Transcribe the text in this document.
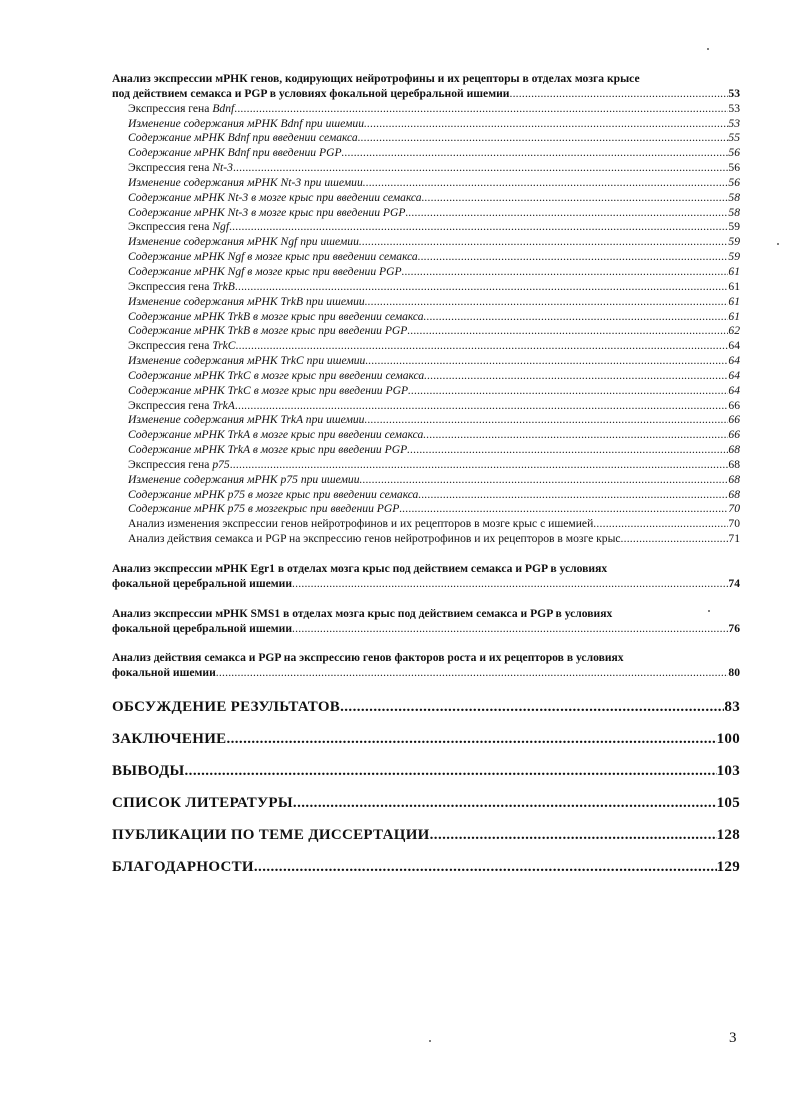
Анализ экспрессии мРНК генов, кодирующих нейротрофины и их рецепторы в отделах мозга крысе
под действием семакса и PGP в условиях фокальной церебральной ишемии .....	53
Экспрессия гена Bdnf .....	53
Изменение содержания мРНК Bdnf при ишемии .....	53
Содержание мРНК Bdnf при введении семакса .....	55
Содержание мРНК Bdnf при введении PGP .....	56
Экспрессия гена Nt-3 .....	56
Изменение содержания мРНК Nt-3 при ишемии .....	56
Содержание мРНК Nt-3 в мозге крыс при введении семакса .....	58
Содержание мРНК Nt-3 в мозге крыс при введении PGP .....	58
Экспрессия гена Ngf .....	59
Изменение содержания мРНК Ngf при ишемии .....	59
Содержание мРНК Ngf в мозге крыс при введении семакса .....	59
Содержание мРНК Ngf в мозге крыс при введении PGP .....	61
Экспрессия гена TrkB .....	61
Изменение содержания мРНК TrkB при ишемии .....	61
Содержание мРНК TrkB в мозге крыс при введении семакса .....	61
Содержание мРНК TrkB в мозге крыс при введении PGP .....	62
Экспрессия гена TrkC .....	64
Изменение содержания мРНК TrkC при ишемии .....	64
Содержание мРНК TrkC в мозге крыс при введении семакса .....	64
Содержание мРНК TrkC в мозге крыс при введении PGP .....	64
Экспрессия гена TrkA .....	66
Изменение содержания мРНК TrkA при ишемии .....	66
Содержание мРНК TrkA в мозге крыс при введении семакса .....	66
Содержание мРНК TrkA в мозге крыс при введении PGP .....	68
Экспрессия гена p75 .....	68
Изменение содержания мРНК p75 при ишемии .....	68
Содержание мРНК p75 в мозге крыс при введении семакса .....	68
Содержание мРНК p75 в мозгекрыс при введении PGP .....	70
Анализ изменения экспрессии генов нейротрофинов и их рецепторов в мозге крыс с ишемией .....	70
Анализ действия семакса и PGP на экспрессию генов нейротрофинов и их рецепторов в мозге крыс .....	71
Анализ экспрессии мРНК Egr1 в отделах мозга крыс под действием семакса и PGP в условиях
фокальной церебральной ишемии .....	74
Анализ экспрессии мРНК SMS1 в отделах мозга крыс под действием семакса и PGP в условиях
фокальной церебральной ишемии .....	76
Анализ действия семакса и PGP на экспрессию генов факторов роста и их рецепторов в условиях
фокальной ишемии .....	80
ОБСУЖДЕНИЕ РЕЗУЛЬТАТОВ .....	83
ЗАКЛЮЧЕНИЕ .....	100
ВЫВОДЫ .....	103
СПИСОК ЛИТЕРАТУРЫ .....	105
ПУБЛИКАЦИИ ПО ТЕМЕ ДИССЕРТАЦИИ .....	128
БЛАГОДАРНОСТИ .....	129
3
